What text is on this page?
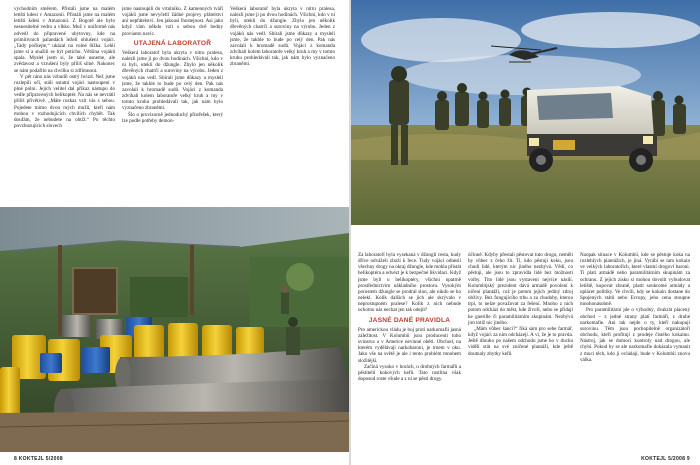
východním směrem. Přistáli jsme na malém letišti kdesi v Amazonii. Přistáli jsme na malém letišti kdesi v Amazonii. Z Bogotě ale bylo nesnesitelné vedro a vlhko. Muž v uniformě nás odvedl do připravené ubytovny, kde na primitivních palandách leželi ohlušení vojáci. „Tady počkejte,“ ukázal na volné lůžka. Lehli jsme si a snažili se být potichu. Většina vojáků spala. Myslel jsem si, že také usneme, ale zvědavost a vzrušení byly příliš silné. Nakonec se nám podařilo na chvilku si zdřímnout.

V pět ráno nás vzbudil ostrý hvizd. Než jsme rozlepili oči, stáli ostatní vojáci nastoupení v plné polní. Jejich velitel dal příkaz nástupu do vedle připravených helikoptér. Na nás se nevrátil příliš přívětivě. „Máte rozkaz vzít vás s sebou. Pojedete mimo dvou mých mužů, kteří nám mohou v rozhodujících chvílích chybět. Tak doufám, že nebudete na obtíž.“ Po těchto povzbuzujících slovech

jsme nastoupili do vrtulníku. Z kamenných tváří vojáků jsme nevyčetli žádné projevy přátelství ani nepřátelství. Jen jakousi lhostejnost. Asi jako když vám někdo vzít s sebou dvě bedny proviantu navíc.

UTAJENÁ LABORATOŘ

Veškerá laboratoř byla ukryta v nitru pralesa, nalezli jsme ji po dvou hodinách. Všichni, kdo v ní byli, utekli do džungle. Zbylo jen několik dřevěných chatrčí a suroviny na výrobu. Jeden z vojáků nás vedl. Sbírali jsme důkazy a mysleli jsme, že takhle to bude po celý den. Pak nás zavolali k hromadě sudů. Vojáci z komanda zdvíhali kolem laboratoře velký kruh a my v tomto kruhu prohledávali tak, jak nám bylo vyznačeno zbraněmi.

Šlo o provizorně jednoduchý přístřešek, který lze podle potřeby demon-

Veškerá laboratoř byla ukryta v nitru pralesa, nalezli jsme ji po dvou hodinách. Všichni, kdo v ní byli, utekli do džungle. Zbylo jen několik dřevěných chatrčí a suroviny na výrobu. Jeden z vojáků nás vedl. Sbírali jsme důkazy a mysleli jsme, že takhle to bude po celý den. Pak nás zavolali k hromadě sudů. Vojáci z komanda zdvíhali kolem laboratoře velký kruh a my v tomto kruhu prohledávali tak, jak nám bylo vyznačeno zbraněmi.

8 KOKTEJL 5/2008

Za laboratoří byla vysekaná v džungli cesta, kudy dříve odváželi zboží k řece. Tudy vojáci odnesli všechny drogy na okraj džungle, kde mohla přistát helikoptéra a odvézt je k bezpečné likvidaci. Když jsme byli u helikoptéry, všichni opatrně prostřednictvím nákladního prostoru. Vysokým porostem džungle se prodral slon, ale nikdo se ho nelekl. Kolik dalších se jich ale skrývalo v neprostupném pralese? Kolik z nich nebude ochotno nás nechat jen tak odejít?

JASNÉ DANÉ PRAVIDLA

Pro americkou vládu je boj proti narkomafii jasná záležitost. V Kolumbii jsou producenti toho svinstva a v Americe nevinné oběti. Obchod, na kterém vydělávají narkobaroni, je trnem v oku. Jako vše na světě je ale i tento problém mnohem složitější.

Začíná vysoko v horách, u drobných farmářů a pěstitelů kokových keřů. Tato rostlina však doposud roste všude a z ní se pěstí drogy.

účinně. Kdyby přestali pěstovat tuto drogu, neměli by vůbec z čeho žít. Ti, kdo pěstují koku, jsou chudí lidé, kterým nic jiného nezbývá. Vědí, co pěstují, ale jsou to zpravidla lidé bez možnosti volby. Tito lidé jsou vystaveni nejvíce násilí. Kolumbijský prezident dává armádě povolení k ničení plantáží, což je potom jejich jediný zdroj obživy. Bez fungujícího trhu a za chudoby, kterou trpí, to nelze považovat za řešení. Mnoho z nich potom odchází do měst, kde živoří, nebo se přidají ke guerille či paramilitárním skupinám. Nezbývá jim totiž nic jiného.

„Mám vůbec šanci?“ říká sám pro sebe farmář, když vojáci za ním odcházejí. A ví, že je to pravda. Ještě dlouho po našem odchodu jsme ho v duchu viděli stát na své zničené plantáži, kde ještě doutnaly zbytky keřů.

Naopak situace v Kolumbii, kde se pěstuje koka na rozlehlých plantážích, je jiná. Vyrábí se tam kokain ve velkých laboratořích, které vlastní drogoví baroni. Ti platí armádě nebo paramilitárním skupinám za ochranu. Z jejich zisku si mohou dovolit vybudovat letiště, kupovat zbraně, platit soukromé armády a uplácet politiky. Ve chvíli, kdy se kokain dostane do Spojených států nebo Evropy, jeho cena stoupne mnohonásobně.

Pro paramilitární jde o výhodný, dvakrát placený obchod – z jedné strany platí farmáři, z druhé narkomafie. Ani tak nejde o ty, kteří nakupují surovinu. Těm jsou pochopitelně organizátoři obchodu, kteří profitují z prodeje čistého kokainu. Nástroj, jak se domoci kontroly nad drogou, ale chybí. Pokud by se ale narkomafie dokázala vymanit z moci těch, kdo ji ovládají, bude v Kolumbii znovu válka.

KOKTEJL 5/2008 9
